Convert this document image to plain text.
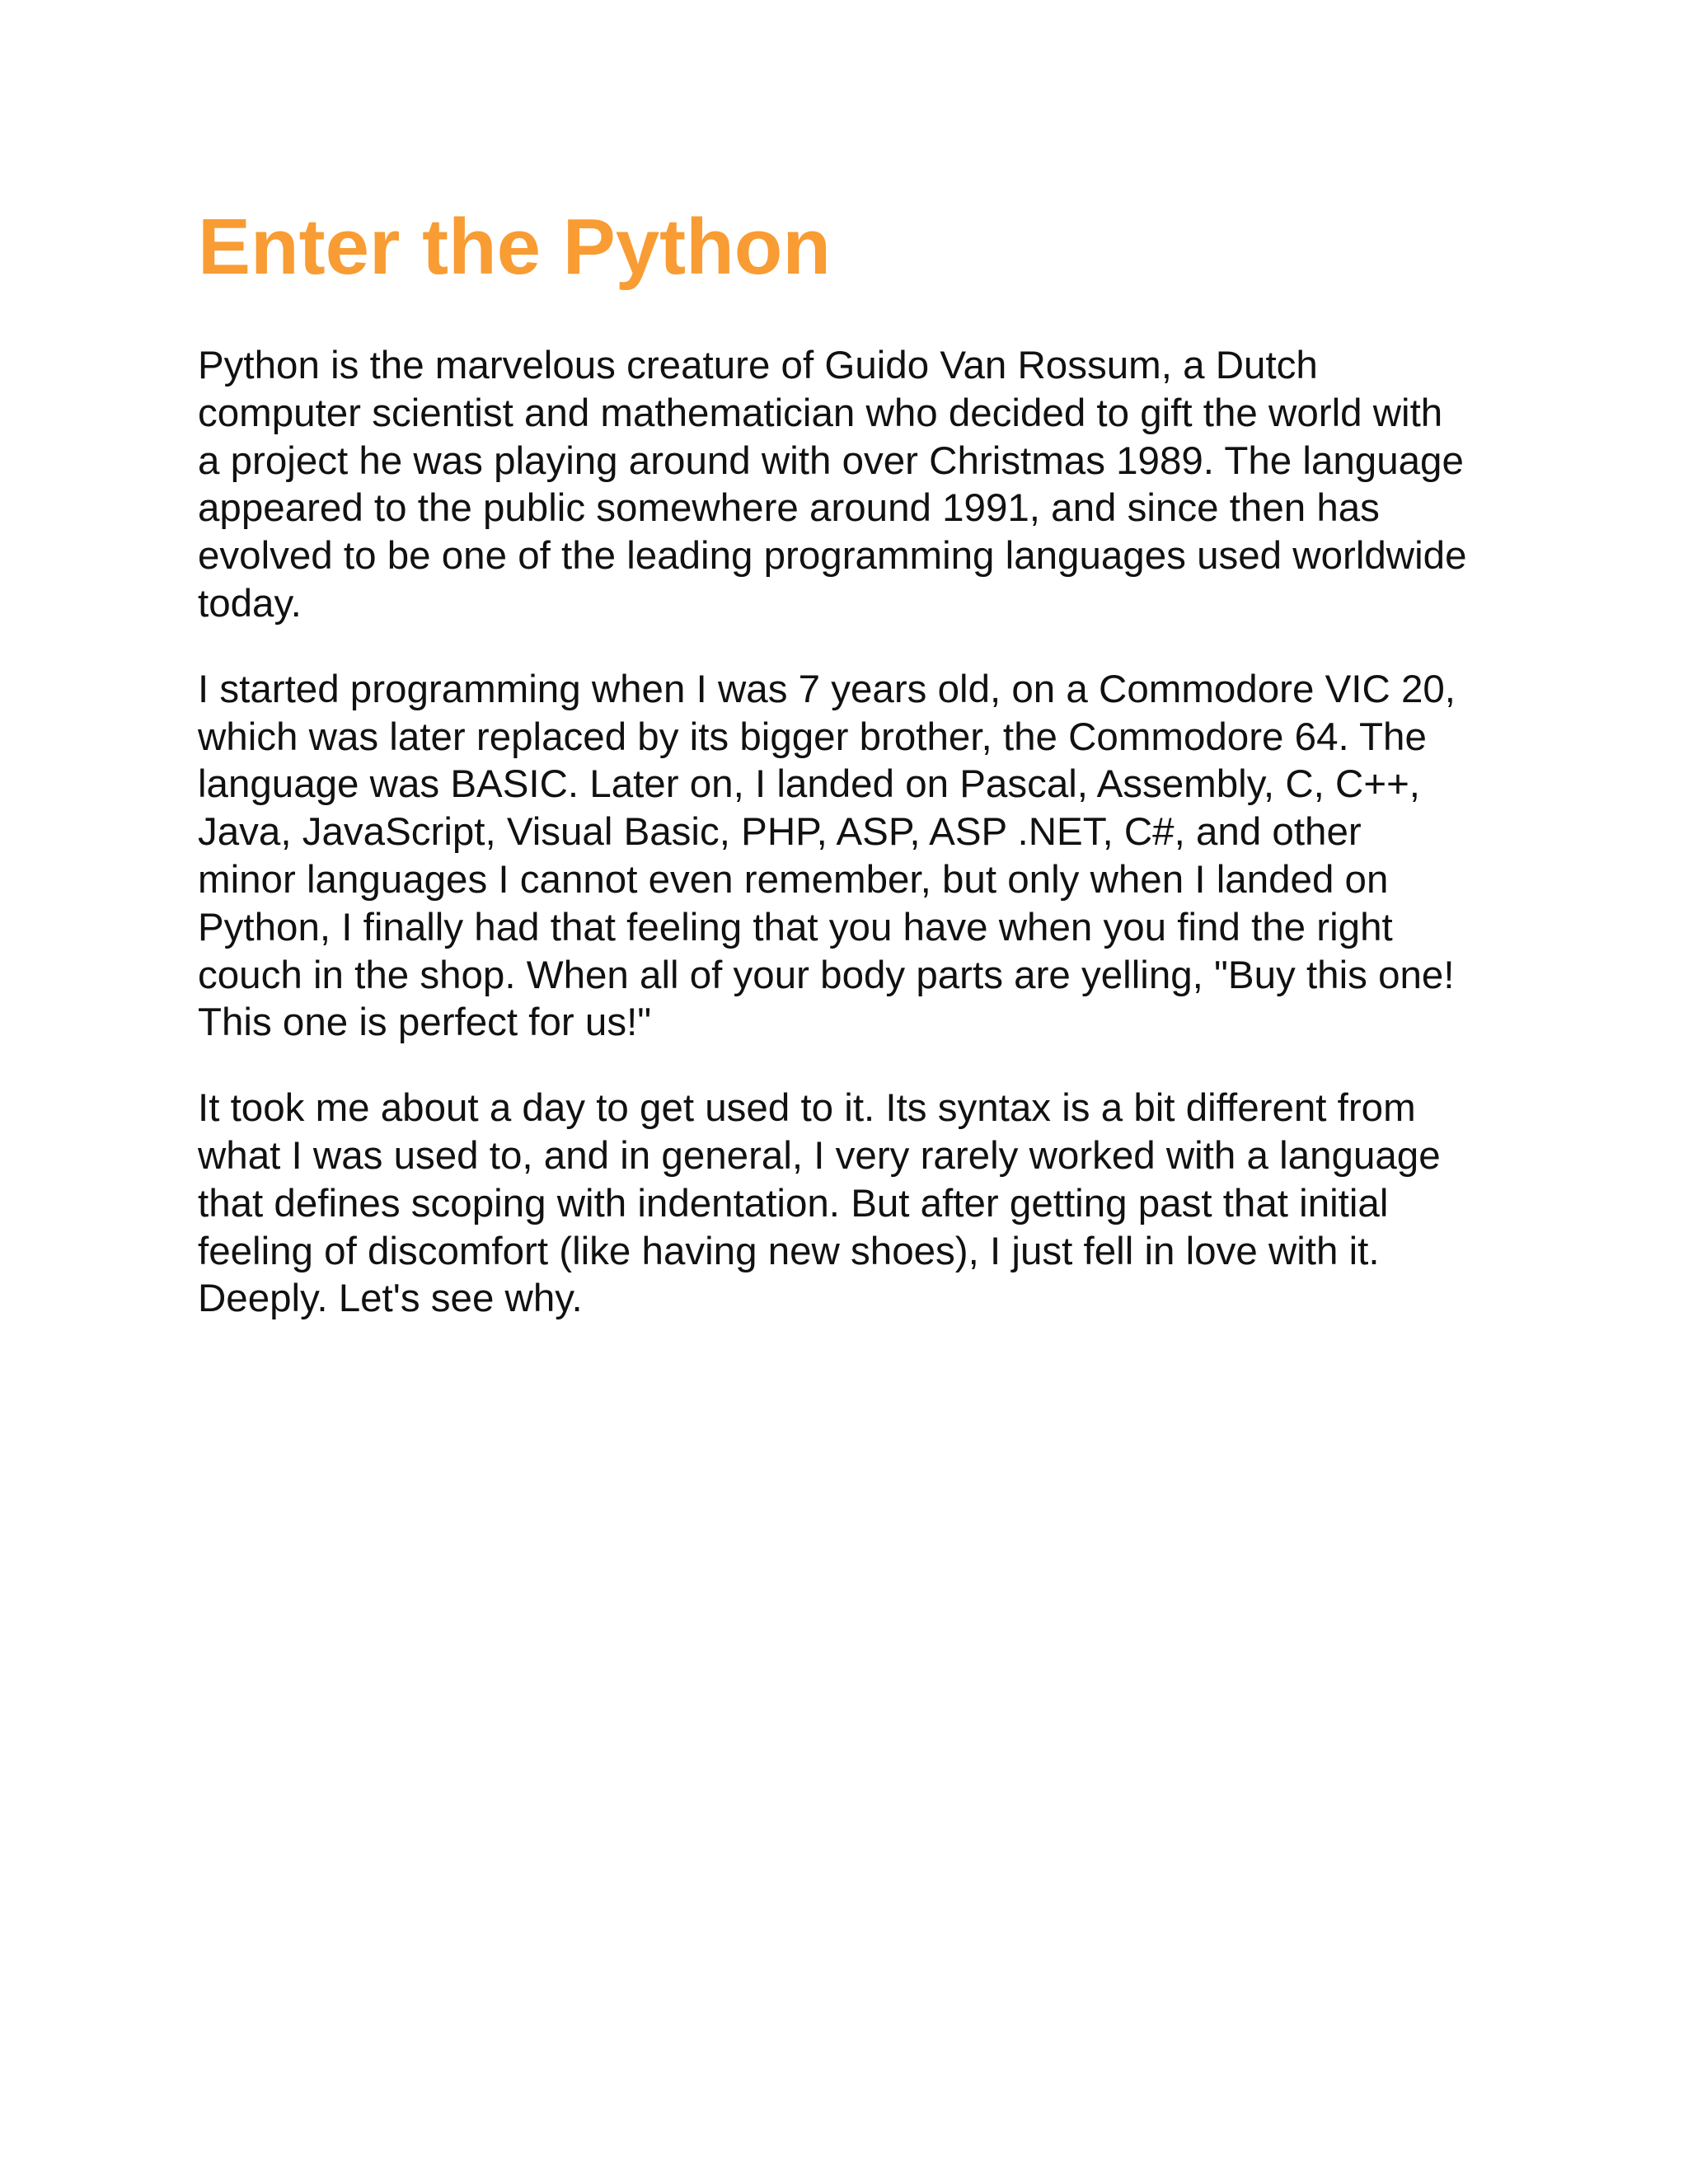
Enter the Python

Python is the marvelous creature of Guido Van Rossum, a Dutch
computer scientist and mathematician who decided to gift the world with
a project he was playing around with over Christmas 1989. The language
appeared to the public somewhere around 1991, and since then has
evolved to be one of the leading programming languages used worldwide
today.

I started programming when I was 7 years old, on a Commodore VIC 20,
which was later replaced by its bigger brother, the Commodore 64. The
language was BASIC. Later on, I landed on Pascal, Assembly, C, C++,
Java, JavaScript, Visual Basic, PHP, ASP, ASP .NET, C#, and other
minor languages I cannot even remember, but only when I landed on
Python, I finally had that feeling that you have when you find the right
couch in the shop. When all of your body parts are yelling, "Buy this one!
This one is perfect for us!"

It took me about a day to get used to it. Its syntax is a bit different from
what I was used to, and in general, I very rarely worked with a language
that defines scoping with indentation. But after getting past that initial
feeling of discomfort (like having new shoes), I just fell in love with it.
Deeply. Let's see why.
